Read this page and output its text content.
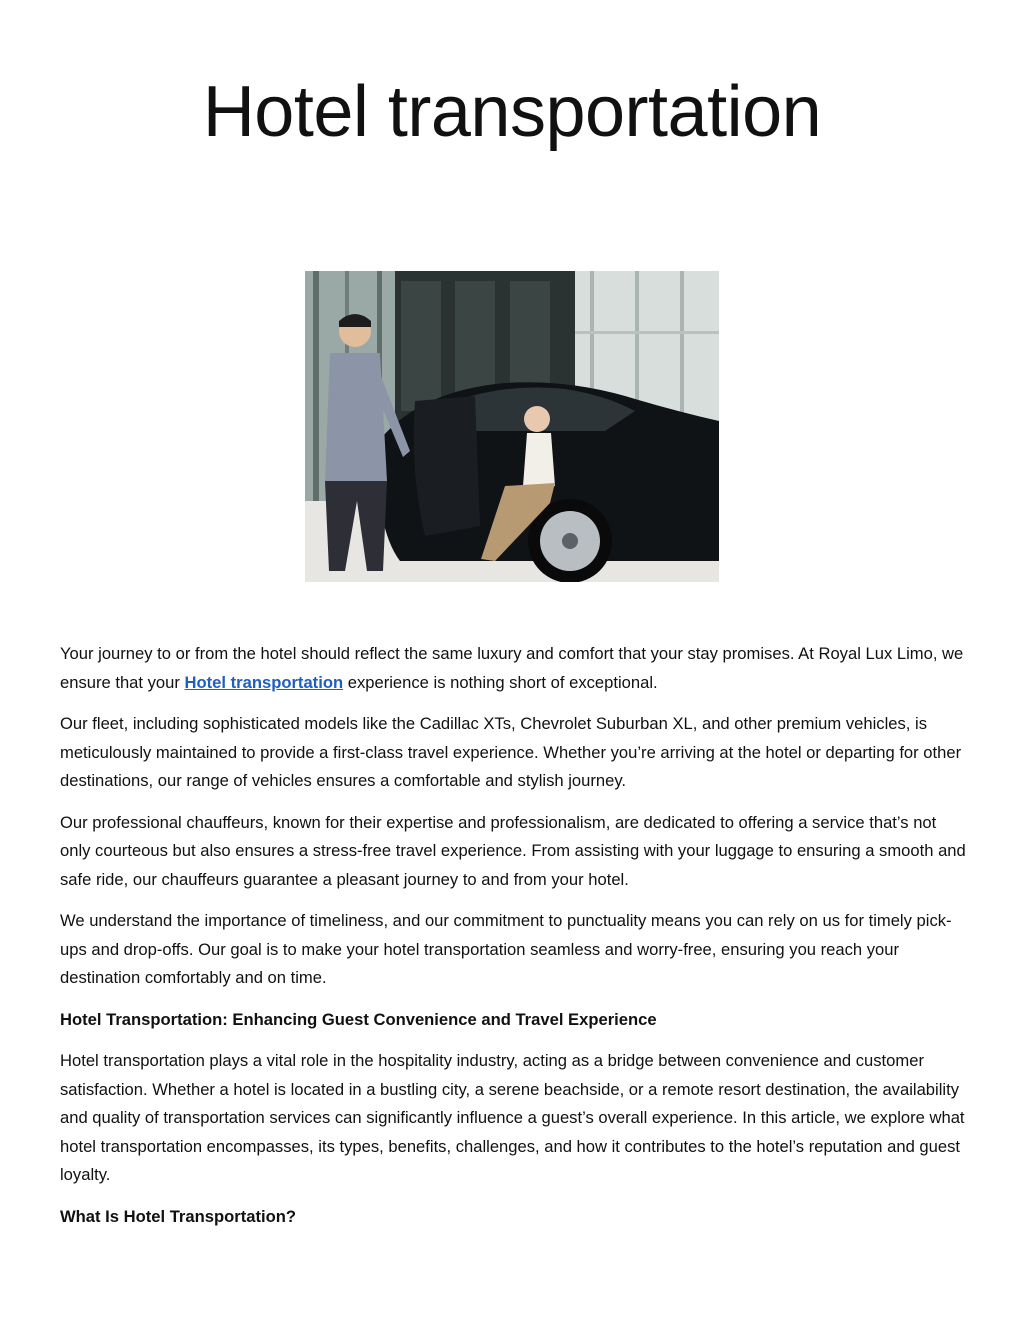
Hotel transportation

Your journey to or from the hotel should reflect the same luxury and comfort that your stay promises. At Royal Lux Limo, we ensure that your Hotel transportation experience is nothing short of exceptional.

Our fleet, including sophisticated models like the Cadillac XTs, Chevrolet Suburban XL, and other premium vehicles, is meticulously maintained to provide a first-class travel experience. Whether you’re arriving at the hotel or departing for other destinations, our range of vehicles ensures a comfortable and stylish journey.

Our professional chauffeurs, known for their expertise and professionalism, are dedicated to offering a service that’s not only courteous but also ensures a stress-free travel experience. From assisting with your luggage to ensuring a smooth and safe ride, our chauffeurs guarantee a pleasant journey to and from your hotel.

We understand the importance of timeliness, and our commitment to punctuality means you can rely on us for timely pick-ups and drop-offs. Our goal is to make your hotel transportation seamless and worry-free, ensuring you reach your destination comfortably and on time.

Hotel Transportation: Enhancing Guest Convenience and Travel Experience

Hotel transportation plays a vital role in the hospitality industry, acting as a bridge between convenience and customer satisfaction. Whether a hotel is located in a bustling city, a serene beachside, or a remote resort destination, the availability and quality of transportation services can significantly influence a guest’s overall experience. In this article, we explore what hotel transportation encompasses, its types, benefits, challenges, and how it contributes to the hotel’s reputation and guest loyalty.

What Is Hotel Transportation?
